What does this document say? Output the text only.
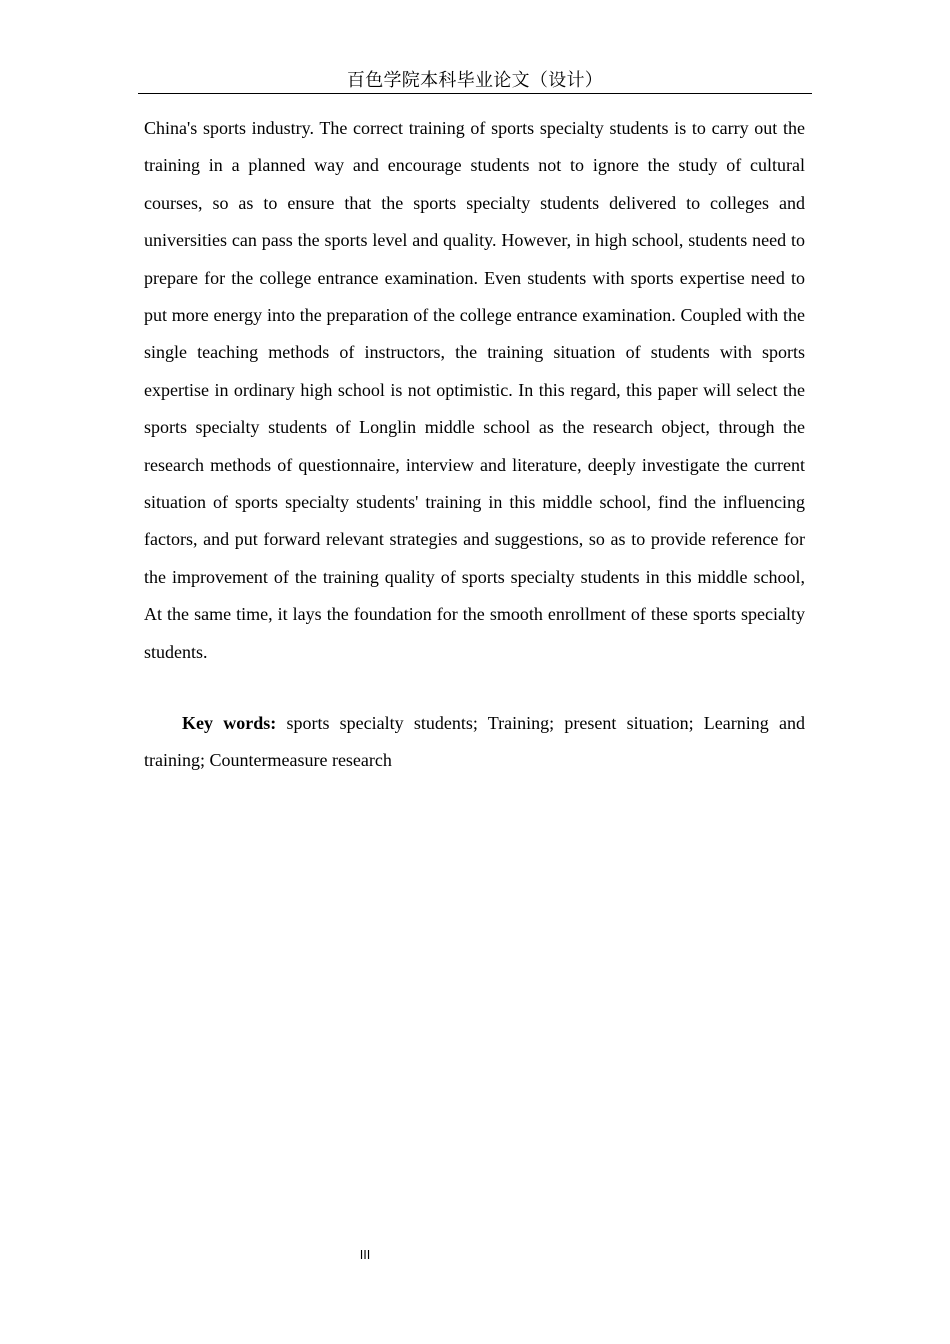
百色学院本科毕业论文（设计）

China's sports industry. The correct training of sports specialty students is to carry out the training in a planned way and encourage students not to ignore the study of cultural courses, so as to ensure that the sports specialty students delivered to colleges and universities can pass the sports level and quality. However, in high school, students need to prepare for the college entrance examination. Even students with sports expertise need to put more energy into the preparation of the college entrance examination. Coupled with the single teaching methods of instructors, the training situation of students with sports expertise in ordinary high school is not optimistic. In this regard, this paper will select the sports specialty students of Longlin middle school as the research object, through the research methods of questionnaire, interview and literature, deeply investigate the current situation of sports specialty students' training in this middle school, find the influencing factors, and put forward relevant strategies and suggestions, so as to provide reference for the improvement of the training quality of sports specialty students in this middle school, At the same time, it lays the foundation for the smooth enrollment of these sports specialty students.

Key words: sports specialty students; Training; present situation; Learning and training; Countermeasure research

III
